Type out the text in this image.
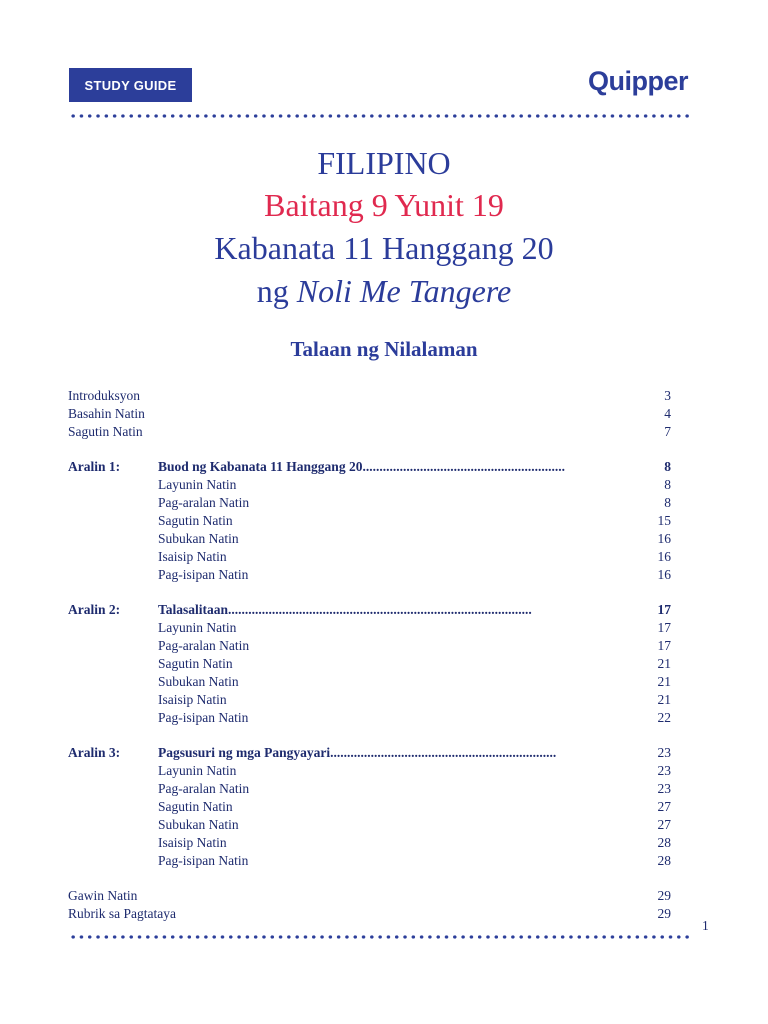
STUDY GUIDE	Quipper
FILIPINO
Baitang 9 Yunit 19
Kabanata 11 Hanggang 20
ng Noli Me Tangere
Talaan ng Nilalaman
Introduksyon	3
Basahin Natin	4
Sagutin Natin	7
Aralin 1:	Buod ng Kabanata 11 Hanggang 20............................................................	8
Layunin Natin	8
Pag-aralan Natin	8
Sagutin Natin	15
Subukan Natin	16
Isaisip Natin	16
Pag-isipan Natin	16
Aralin 2:	Talasalitaan..........................................................................................	17
Layunin Natin	17
Pag-aralan Natin	17
Sagutin Natin	21
Subukan Natin	21
Isaisip Natin	21
Pag-isipan Natin	22
Aralin 3:	Pagsusuri ng mga Pangyayari...................................................................	23
Layunin Natin	23
Pag-aralan Natin	23
Sagutin Natin	27
Subukan Natin	27
Isaisip Natin	28
Pag-isipan Natin	28
Gawin Natin	29
Rubrik sa Pagtataya	29
1
